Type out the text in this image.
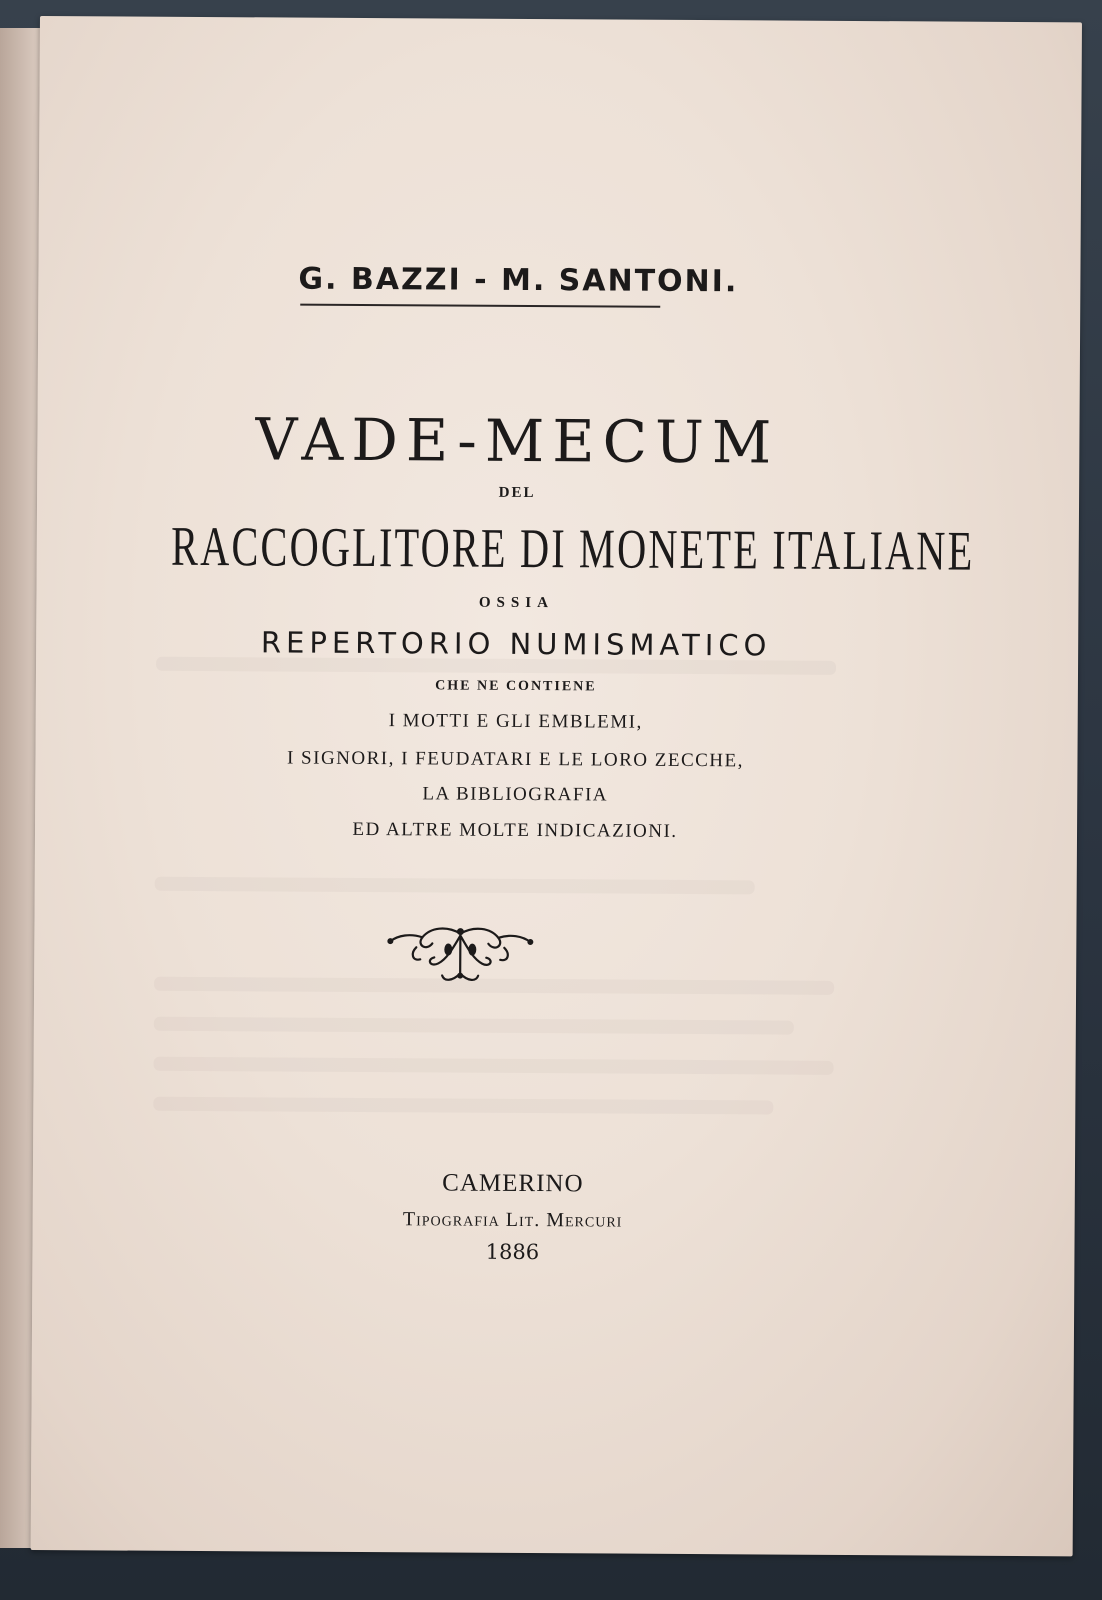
G. BAZZI - M. SANTONI.
VADE-MECUM
DEL
RACCOGLITORE DI MONETE ITALIANE
OSSIA
REPERTORIO NUMISMATICO
CHE NE CONTIENE
I MOTTI E GLI EMBLEMI,
I SIGNORI, I FEUDATARI E LE LORO ZECCHE,
LA BIBLIOGRAFIA
ED ALTRE MOLTE INDICAZIONI.
CAMERINO
Tipografia Lit. Mercuri
1886
